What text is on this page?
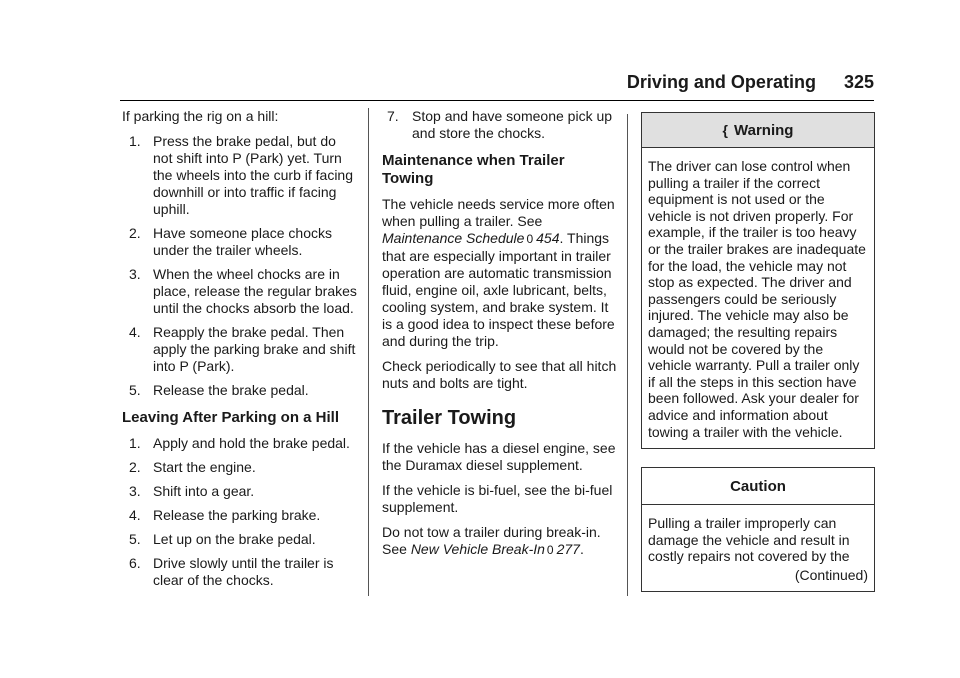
Driving and Operating 325

If parking the rig on a hill:

1. Press the brake pedal, but do not shift into P (Park) yet. Turn the wheels into the curb if facing downhill or into traffic if facing uphill.
2. Have someone place chocks under the trailer wheels.
3. When the wheel chocks are in place, release the regular brakes until the chocks absorb the load.
4. Reapply the brake pedal. Then apply the parking brake and shift into P (Park).
5. Release the brake pedal.
Leaving After Parking on a Hill
1. Apply and hold the brake pedal.
2. Start the engine.
3. Shift into a gear.
4. Release the parking brake.
5. Let up on the brake pedal.
6. Drive slowly until the trailer is clear of the chocks.
7. Stop and have someone pick up and store the chocks.
Maintenance when Trailer Towing

The vehicle needs service more often when pulling a trailer. See Maintenance Schedule 0 454. Things that are especially important in trailer operation are automatic transmission fluid, engine oil, axle lubricant, belts, cooling system, and brake system. It is a good idea to inspect these before and during the trip.

Check periodically to see that all hitch nuts and bolts are tight.

Trailer Towing

If the vehicle has a diesel engine, see the Duramax diesel supplement.

If the vehicle is bi-fuel, see the bi-fuel supplement.

Do not tow a trailer during break-in. See New Vehicle Break-In 0 277.

{ Warning
The driver can lose control when pulling a trailer if the correct equipment is not used or the vehicle is not driven properly. For example, if the trailer is too heavy or the trailer brakes are inadequate for the load, the vehicle may not stop as expected. The driver and passengers could be seriously injured. The vehicle may also be damaged; the resulting repairs would not be covered by the vehicle warranty. Pull a trailer only if all the steps in this section have been followed. Ask your dealer for advice and information about towing a trailer with the vehicle.
Caution
Pulling a trailer improperly can damage the vehicle and result in costly repairs not covered by the
(Continued)
